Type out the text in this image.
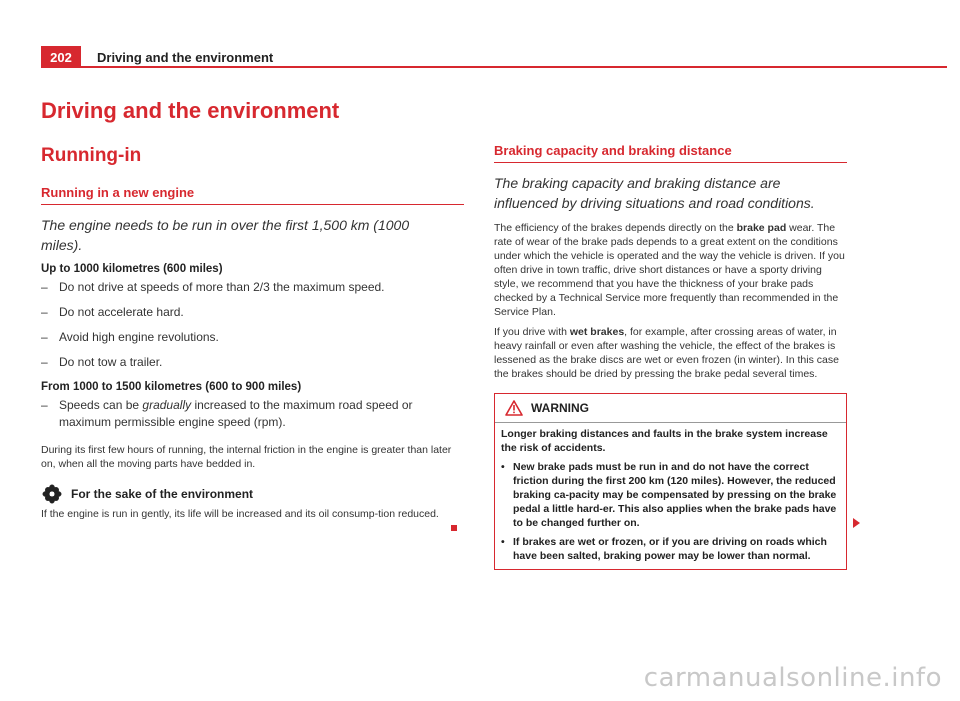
202	Driving and the environment
Driving and the environment
Running-in
Running in a new engine

The engine needs to be run in over the first 1,500 km (1000 miles).

Up to 1000 kilometres (600 miles)

– Do not drive at speeds of more than 2/3 the maximum speed.
– Do not accelerate hard.
– Avoid high engine revolutions.
– Do not tow a trailer.

From 1000 to 1500 kilometres (600 to 900 miles)

– Speeds can be gradually increased to the maximum road speed or maximum permissible engine speed (rpm).

During its first few hours of running, the internal friction in the engine is greater than later on, when all the moving parts have bedded in.

For the sake of the environment

If the engine is run in gently, its life will be increased and its oil consump-tion reduced.

Braking capacity and braking distance

The braking capacity and braking distance are influenced by driving situations and road conditions.

The efficiency of the brakes depends directly on the brake pad wear. The rate of wear of the brake pads depends to a great extent on the conditions under which the vehicle is operated and the way the vehicle is driven. If you often drive in town traffic, drive short distances or have a sporty driving style, we recommend that you have the thickness of your brake pads checked by a Technical Service more frequently than recommended in the Service Plan.

If you drive with wet brakes, for example, after crossing areas of water, in heavy rainfall or even after washing the vehicle, the effect of the brakes is lessened as the brake discs are wet or even frozen (in winter). In this case the brakes should be dried by pressing the brake pedal several times.

WARNING

Longer braking distances and faults in the brake system increase the risk of accidents.

• New brake pads must be run in and do not have the correct friction during the first 200 km (120 miles). However, the reduced braking ca-pacity may be compensated by pressing on the brake pedal a little hard-er. This also applies when the brake pads have to be changed further on.
• If brakes are wet or frozen, or if you are driving on roads which have been salted, braking power may be lower than normal.
carmanualsonline.info
